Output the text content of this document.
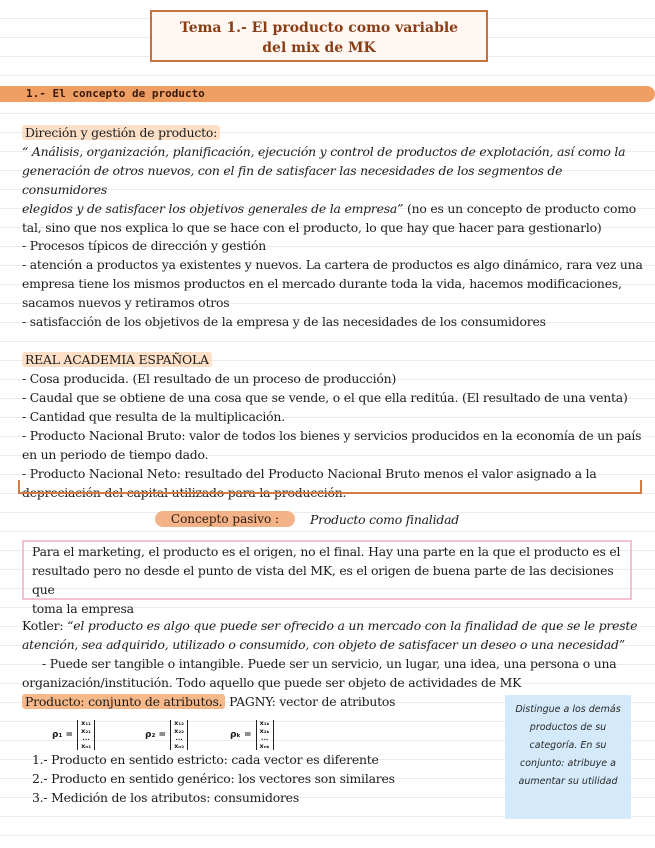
Tema 1.- El producto como variable
del mix de MK
1.- El concepto de producto
Direción y gestión de producto:
“ Análisis, organización, planificación, ejecución y control de productos de explotación, así como la
generación de otros nuevos, con el fin de satisfacer las necesidades de los segmentos de consumidores
elegidos y de satisfacer los objetivos generales de la empresa” (no es un concepto de producto como
tal, sino que nos explica lo que se hace con el producto, lo que hay que hacer para gestionarlo)
- Procesos típicos de dirección y gestión
- atención a productos ya existentes y nuevos. La cartera de productos es algo dinámico, rara vez una
empresa tiene los mismos productos en el mercado durante toda la vida, hacemos modificaciones,
sacamos nuevos y retiramos otros
- satisfacción de los objetivos de la empresa y de las necesidades de los consumidores
REAL ACADEMIA ESPAÑOLA
- Cosa producida. (El resultado de un proceso de producción)
- Caudal que se obtiene de una cosa que se vende, o el que ella reditúa. (El resultado de una venta)
- Cantidad que resulta de la multiplicación.
- Producto Nacional Bruto: valor de todos los bienes y servicios producidos en la economía de un país
en un periodo de tiempo dado.
- Producto Nacional Neto: resultado del Producto Nacional Bruto menos el valor asignado a la
depreciación del capital utilizado para la producción.
Concepto pasivo :	Producto como finalidad
Para el marketing, el producto es el origen, no el final. Hay una parte en la que el producto es el
resultado pero no desde el punto de vista del MK, es el origen de buena parte de las decisiones que
toma la empresa
Kotler: “el producto es algo que puede ser ofrecido a un mercado con la finalidad de que se le preste
atención, sea adquirido, utilizado o consumido, con objeto de satisfacer un deseo o una necesidad”
- Puede ser tangible o intangible. Puede ser un servicio, un lugar, una idea, una persona o una
organización/institución. Todo aquello que puede ser objeto de actividades de MK
Producto: conjunto de atributos. PAGNY: vector de atributos
ρ₁ =
x₁₁
x₂₁
...
xₙ₁
ρ₂ =
x₁₂
x₂₂
...
xₙ₂
ρₖ =
x₁ₖ
x₂ₖ
...
xₙₖ
1.- Producto en sentido estricto: cada vector es diferente
2.- Producto en sentido genérico: los vectores son similares
3.- Medición de los atributos: consumidores
Distingue a los demás productos de su categoría. En su conjunto: atribuye a aumentar su utilidad
